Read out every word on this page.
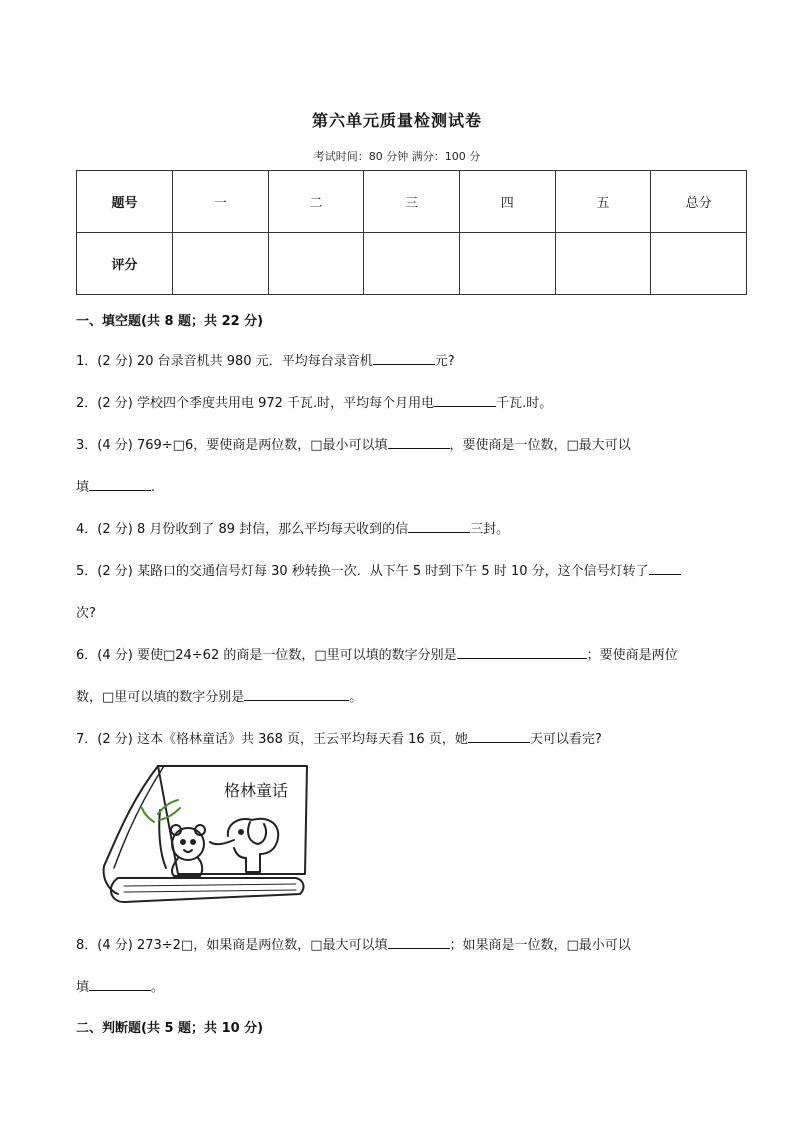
第六单元质量检测试卷
考试时间：80 分钟 满分：100 分
题号	一	二	三	四	五	总分
评分						
一、填空题(共 8 题；共 22 分)
1．(2 分) 20 台录音机共 980 元．平均每台录音机	元?
2．(2 分) 学校四个季度共用电 972 千瓦.时，平均每个月用电	千瓦.时。
3．(4 分) 769÷□6，要使商是两位数，□最小可以填	，要使商是一位数，□最大可以
填	.
4．(2 分) 8 月份收到了 89 封信，那么平均每天收到的信	三封。
5．(2 分) 某路口的交通信号灯每 30 秒转换一次．从下午 5 时到下午 5 时 10 分，这个信号灯转了
次?
6．(4 分) 要使□24÷62 的商是一位数，□里可以填的数字分别是	；要使商是两位
数，□里可以填的数字分别是	。
7．(2 分) 这本《格林童话》共 368 页，王云平均每天看 16 页，她	天可以看完?
格林童话
8．(4 分) 273÷2□，如果商是两位数，□最大可以填	；如果商是一位数，□最小可以
填	。
二、判断题(共 5 题；共 10 分)
